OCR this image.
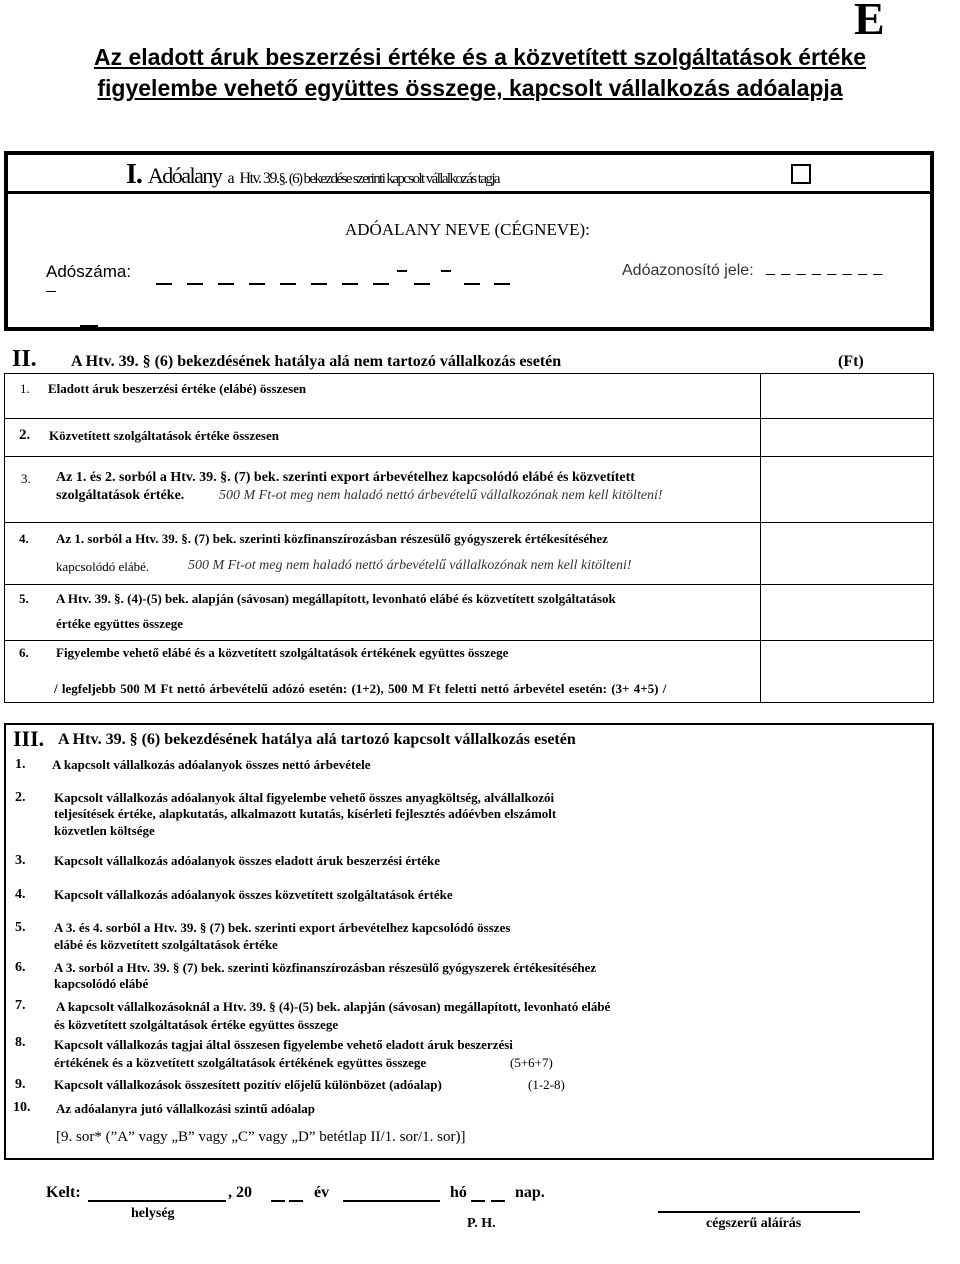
E
Az eladott áruk beszerzési értéke és a közvetített szolgáltatások értéke
figyelembe vehető együttes összege, kapcsolt vállalkozás adóalapja
I. Adóalany a Htv. 39.§. (6) bekezdése szerinti kapcsolt vállalkozás tagja
ADÓALANY NEVE (CÉGNEVE):
Adószáma:	Adóazonosító jele: _ _ _ _ _ _ _ _
II. A Htv. 39. § (6) bekezdésének hatálya alá nem tartozó vállalkozás esetén	(Ft)
1. Eladott áruk beszerzési értéke (elábé) összesen
2. Közvetített szolgáltatások értéke összesen
3. Az 1. és 2. sorból a Htv. 39. §. (7) bek. szerinti export árbevételhez kapcsolódó elábé és közvetített
szolgáltatások értéke. 500 M Ft-ot meg nem haladó nettó árbevételű vállalkozónak nem kell kitölteni!
4. Az 1. sorból a Htv. 39. §. (7) bek. szerinti közfinanszírozásban részesülő gyógyszerek értékesítéséhez
kapcsolódó elábé.	500 M Ft-ot meg nem haladó nettó árbevételű vállalkozónak nem kell kitölteni!
5. A Htv. 39. §. (4)-(5) bek. alapján (sávosan) megállapított, levonható elábé és közvetített szolgáltatások
értéke együttes összege
6. Figyelembe vehető elábé és a közvetített szolgáltatások értékének együttes összege
/ legfeljebb 500 M Ft nettó árbevételű adózó esetén: (1+2), 500 M Ft feletti nettó árbevétel esetén: (3+ 4+5) /
III. A Htv. 39. § (6) bekezdésének hatálya alá tartozó kapcsolt vállalkozás esetén
1. A kapcsolt vállalkozás adóalanyok összes nettó árbevétele
2. Kapcsolt vállalkozás adóalanyok által figyelembe vehető összes anyagköltség, alvállalkozói
teljesítések értéke, alapkutatás, alkalmazott kutatás, kísérleti fejlesztés adóévben elszámolt
közvetlen költsége
3. Kapcsolt vállalkozás adóalanyok összes eladott áruk beszerzési értéke
4. Kapcsolt vállalkozás adóalanyok összes közvetített szolgáltatások értéke
5. A 3. és 4. sorból a Htv. 39. § (7) bek. szerinti export árbevételhez kapcsolódó összes
elábé és közvetített szolgáltatások értéke
6. A 3. sorból a Htv. 39. § (7) bek. szerinti közfinanszírozásban részesülő gyógyszerek értékesítéséhez
kapcsolódó elábé
7. A kapcsolt vállalkozásoknál a Htv. 39. § (4)-(5) bek. alapján (sávosan) megállapított, levonható elábé
és közvetített szolgáltatások értéke együttes összege
8. Kapcsolt vállalkozás tagjai által összesen figyelembe vehető eladott áruk beszerzési
értékének és a közvetített szolgáltatások értékének együttes összege	(5+6+7)
9. Kapcsolt vállalkozások összesített pozitív előjelű különbözet (adóalap)	(1-2-8)
10. Az adóalanyra jutó vállalkozási szintű adóalap
[9. sor* (”A” vagy „B” vagy „C” vagy „D” betétlap II/1. sor/1. sor)]
Kelt:	, 20	év	hó	nap.
helység
P. H.	cégszerű aláírás
